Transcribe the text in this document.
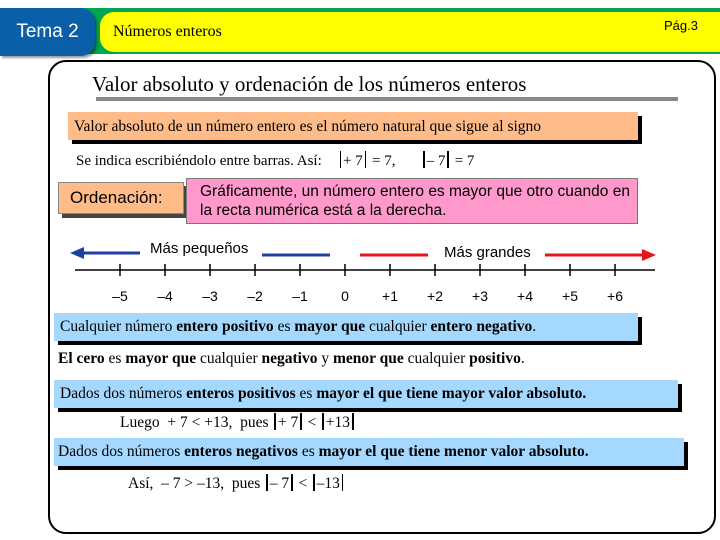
Tema 2	Números enteros	Pág.3
Valor absoluto y ordenación de los números enteros
Valor absoluto de un número entero es el número natural que sigue al signo
Se indica escribiéndolo entre barras. Así: + 7 = 7, – 7 = 7
Ordenación: Gráficamente, un número entero es mayor que otro cuando en la recta numérica está a la derecha.
Más pequeños	Más grandes
–5 –4 –3 –2 –1 0 +1 +2 +3 +4 +5 +6
Cualquier número entero positivo es mayor que cualquier entero negativo.
El cero es mayor que cualquier negativo y menor que cualquier positivo.
Dados dos números enteros positivos es mayor el que tiene mayor valor absoluto.
Luego + 7 < +13, pues + 7 < +13
Dados dos números enteros negativos es mayor el que tiene menor valor absoluto.
Así, – 7 > –13, pues – 7 < –13
